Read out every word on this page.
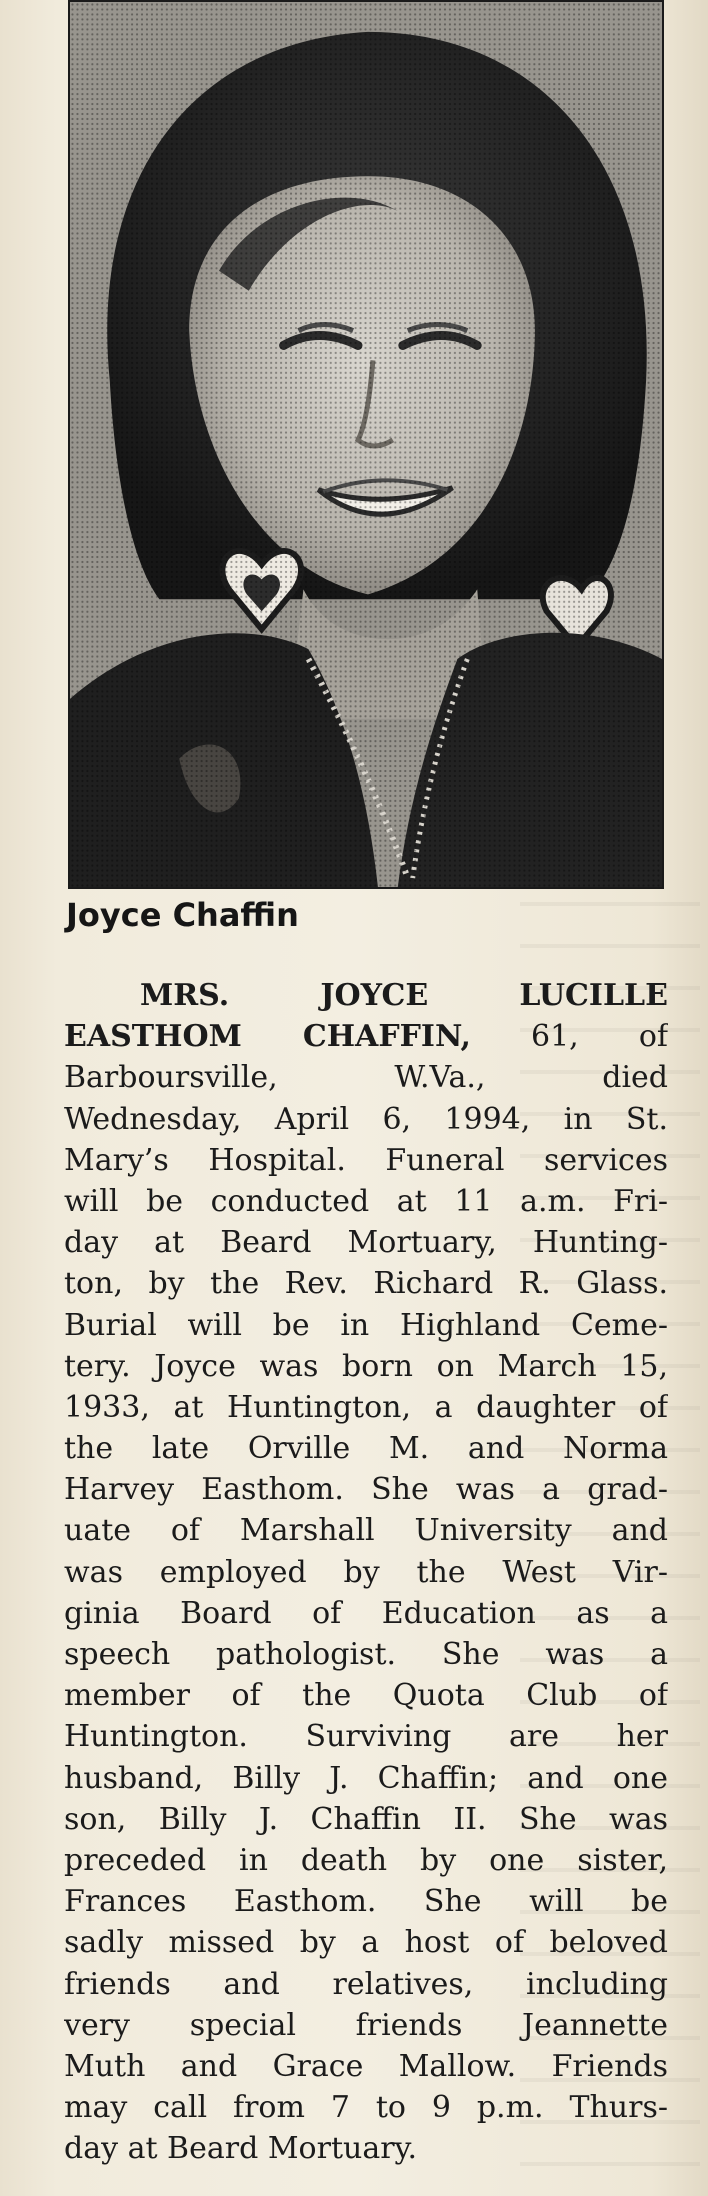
Joyce Chaffin
MRS. JOYCE LUCILLE
EASTHOM CHAFFIN, 61, of
Barboursville, W.Va., died
Wednesday, April 6, 1994, in St.
Mary’s Hospital. Funeral services
will be conducted at 11 a.m. Fri-
day at Beard Mortuary, Hunting-
ton, by the Rev. Richard R. Glass.
Burial will be in Highland Ceme-
tery. Joyce was born on March 15,
1933, at Huntington, a daughter of
the late Orville M. and Norma
Harvey Easthom. She was a grad-
uate of Marshall University and
was employed by the West Vir-
ginia Board of Education as a
speech pathologist. She was a
member of the Quota Club of
Huntington. Surviving are her
husband, Billy J. Chaffin; and one
son, Billy J. Chaffin II. She was
preceded in death by one sister,
Frances Easthom. She will be
sadly missed by a host of beloved
friends and relatives, including
very special friends Jeannette
Muth and Grace Mallow. Friends
may call from 7 to 9 p.m. Thurs-
day at Beard Mortuary.
